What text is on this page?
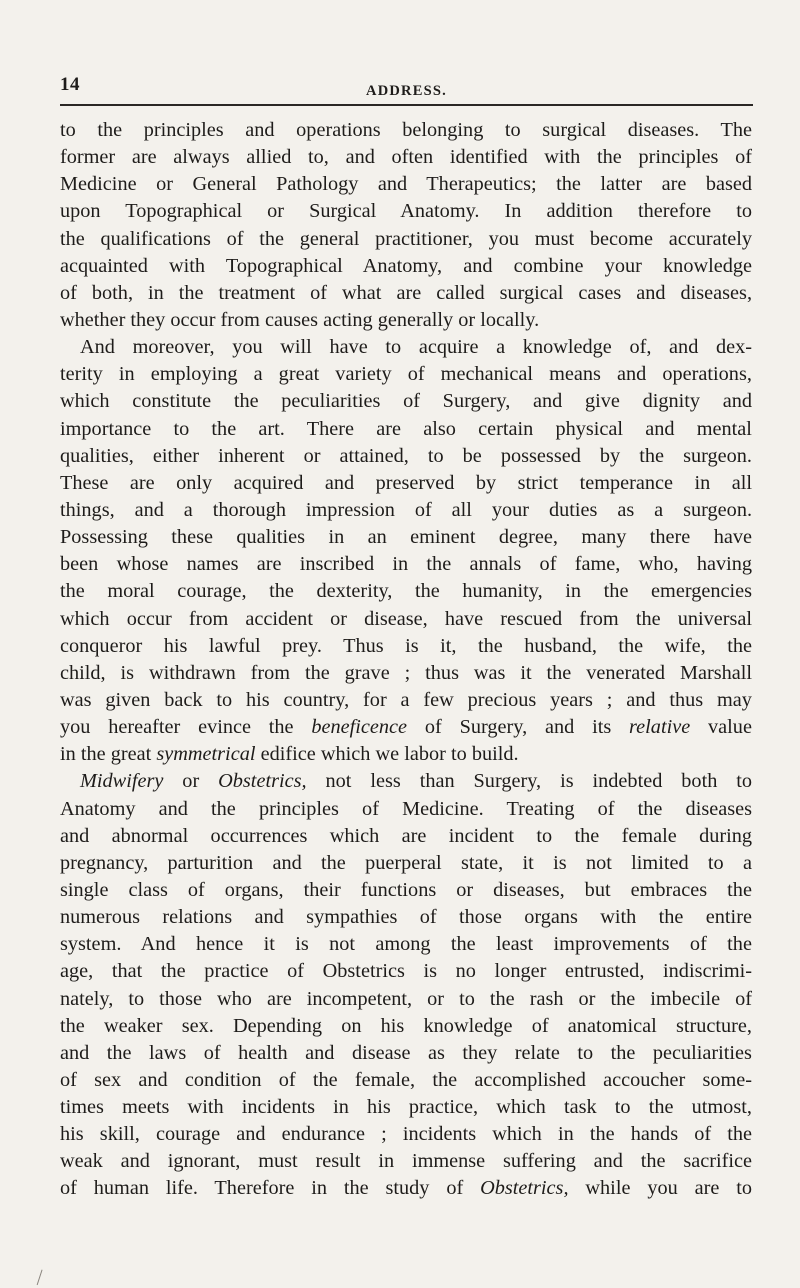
14	ADDRESS.
to the principles and operations belonging to surgical diseases. The
former are always allied to, and often identified with the principles of
Medicine or General Pathology and Therapeutics; the latter are based
upon Topographical or Surgical Anatomy. In addition therefore to
the qualifications of the general practitioner, you must become accurately
acquainted with Topographical Anatomy, and combine your knowledge
of both, in the treatment of what are called surgical cases and diseases,
whether they occur from causes acting generally or locally.
And moreover, you will have to acquire a knowledge of, and dex-
terity in employing a great variety of mechanical means and operations,
which constitute the peculiarities of Surgery, and give dignity and
importance to the art. There are also certain physical and mental
qualities, either inherent or attained, to be possessed by the surgeon.
These are only acquired and preserved by strict temperance in all
things, and a thorough impression of all your duties as a surgeon.
Possessing these qualities in an eminent degree, many there have
been whose names are inscribed in the annals of fame, who, having
the moral courage, the dexterity, the humanity, in the emergencies
which occur from accident or disease, have rescued from the universal
conqueror his lawful prey. Thus is it, the husband, the wife, the
child, is withdrawn from the grave ; thus was it the venerated Marshall
was given back to his country, for a few precious years ; and thus may
you hereafter evince the beneficence of Surgery, and its relative value
in the great symmetrical edifice which we labor to build.
Midwifery or Obstetrics, not less than Surgery, is indebted both to
Anatomy and the principles of Medicine. Treating of the diseases
and abnormal occurrences which are incident to the female during
pregnancy, parturition and the puerperal state, it is not limited to a
single class of organs, their functions or diseases, but embraces the
numerous relations and sympathies of those organs with the entire
system. And hence it is not among the least improvements of the
age, that the practice of Obstetrics is no longer entrusted, indiscrimi-
nately, to those who are incompetent, or to the rash or the imbecile of
the weaker sex. Depending on his knowledge of anatomical structure,
and the laws of health and disease as they relate to the peculiarities
of sex and condition of the female, the accomplished accoucher some-
times meets with incidents in his practice, which task to the utmost,
his skill, courage and endurance ; incidents which in the hands of the
weak and ignorant, must result in immense suffering and the sacrifice
of human life. Therefore in the study of Obstetrics, while you are to
